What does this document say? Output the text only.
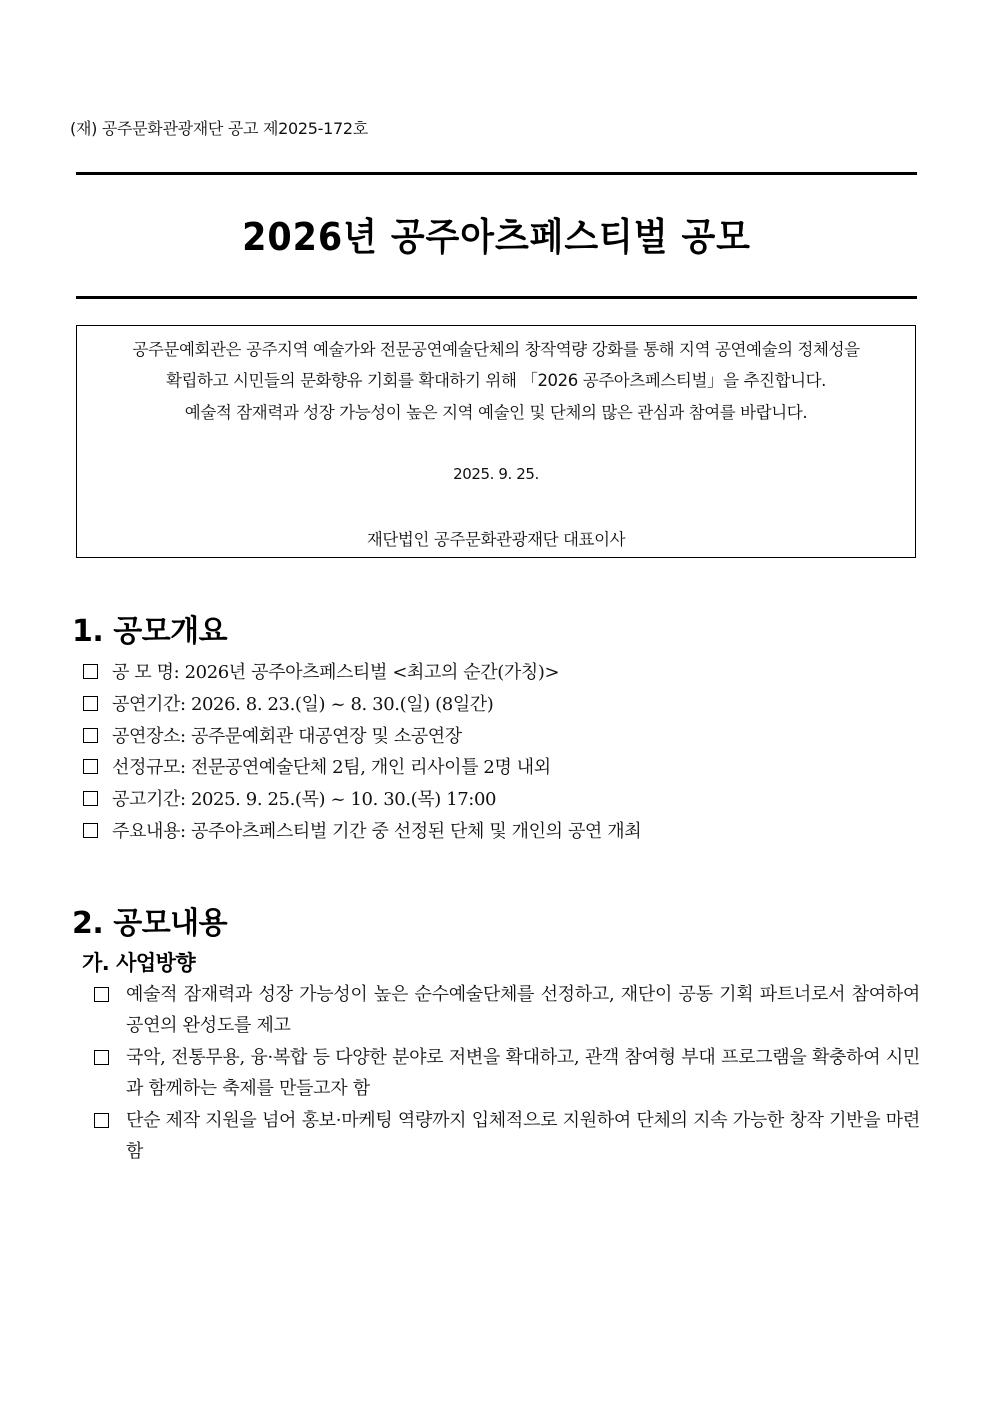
(재) 공주문화관광재단 공고 제2025-172호
2026년 공주아츠페스티벌 공모
공주문예회관은 공주지역 예술가와 전문공연예술단체의 창작역량 강화를 통해 지역 공연예술의 정체성을
확립하고 시민들의 문화향유 기회를 확대하기 위해 「2026 공주아츠페스티벌」을 추진합니다.
예술적 잠재력과 성장 가능성이 높은 지역 예술인 및 단체의 많은 관심과 참여를 바랍니다.
2025. 9. 25.
재단법인 공주문화관광재단 대표이사
1. 공모개요
공 모 명: 2026년 공주아츠페스티벌 <최고의 순간(가칭)>
공연기간: 2026. 8. 23.(일) ~ 8. 30.(일) (8일간)
공연장소: 공주문예회관 대공연장 및 소공연장
선정규모: 전문공연예술단체 2팀, 개인 리사이틀 2명 내외
공고기간: 2025. 9. 25.(목) ~ 10. 30.(목) 17:00
주요내용: 공주아츠페스티벌 기간 중 선정된 단체 및 개인의 공연 개최
2. 공모내용
가. 사업방향
예술적 잠재력과 성장 가능성이 높은 순수예술단체를 선정하고, 재단이 공동 기획 파트너로서 참여하여 공연의 완성도를 제고
국악, 전통무용, 융·복합 등 다양한 분야로 저변을 확대하고, 관객 참여형 부대 프로그램을 확충하여 시민과 함께하는 축제를 만들고자 함
단순 제작 지원을 넘어 홍보·마케팅 역량까지 입체적으로 지원하여 단체의 지속 가능한 창작 기반을 마련함
